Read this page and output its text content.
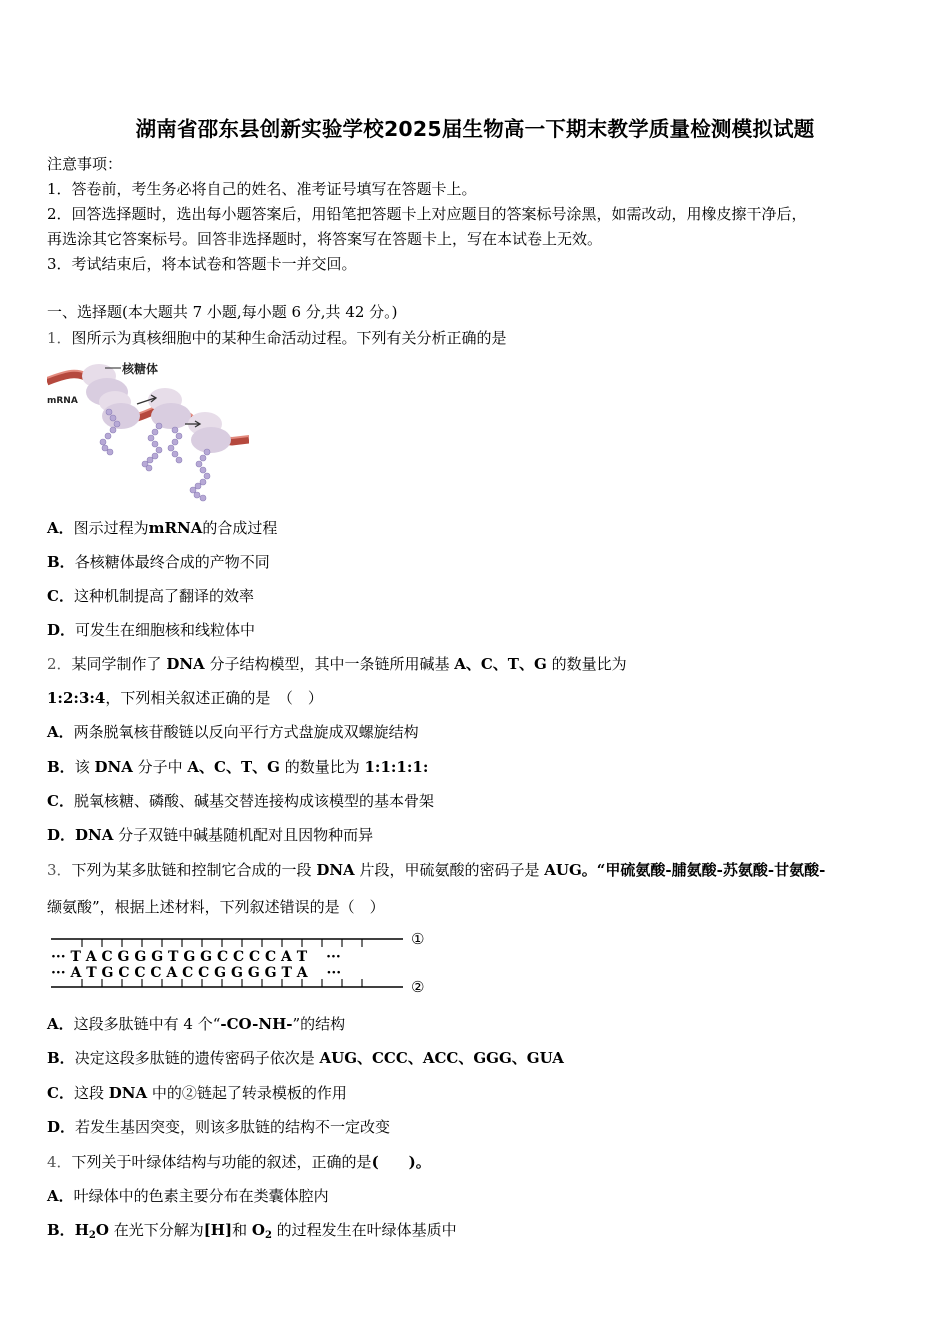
湖南省邵东县创新实验学校2025届生物高一下期末教学质量检测模拟试题
注意事项：
1．答卷前，考生务必将自己的姓名、准考证号填写在答题卡上。
2．回答选择题时，选出每小题答案后，用铅笔把答题卡上对应题目的答案标号涂黑，如需改动，用橡皮擦干净后，
再选涂其它答案标号。回答非选择题时，将答案写在答题卡上，写在本试卷上无效。
3．考试结束后，将本试卷和答题卡一并交回。
一、选择题(本大题共 7 小题,每小题 6 分,共 42 分。)
1．图所示为真核细胞中的某种生命活动过程。下列有关分析正确的是
核糖体
mRNA
A．图示过程为mRNA的合成过程
B．各核糖体最终合成的产物不同
C．这种机制提高了翻译的效率
D．可发生在细胞核和线粒体中
2．某同学制作了 DNA 分子结构模型，其中一条链所用碱基 A、C、T、G 的数量比为
1:2:3:4，下列相关叙述正确的是　（　）
A．两条脱氧核苷酸链以反向平行方式盘旋成双螺旋结构
B．该 DNA 分子中 A、C、T、G 的数量比为 1:1:1:1:
C．脱氧核糖、磷酸、碱基交替连接构成该模型的基本骨架
D．DNA 分子双链中碱基随机配对且因物种而异
3．下列为某多肽链和控制它合成的一段 DNA 片段，甲硫氨酸的密码子是 AUG。“甲硫氨酸-脯氨酸-苏氨酸-甘氨酸-
缬氨酸”，根据上述材料，下列叙述错误的是（　）
··· T A C G G G T G G C C C C A T　 ···
··· A T G C C C A C C G G G G T A　 ···
①
②
A．这段多肽链中有 4 个“-CO-NH-”的结构
B．决定这段多肽链的遗传密码子依次是 AUG、CCC、ACC、GGG、GUA
C．这段 DNA 中的②链起了转录模板的作用
D．若发生基因突变，则该多肽链的结构不一定改变
4．下列关于叶绿体结构与功能的叙述，正确的是(　　)。
A．叶绿体中的色素主要分布在类囊体腔内
B．$H_2O$ 在光下分解为[H]和 $O_2$ 的过程发生在叶绿体基质中
